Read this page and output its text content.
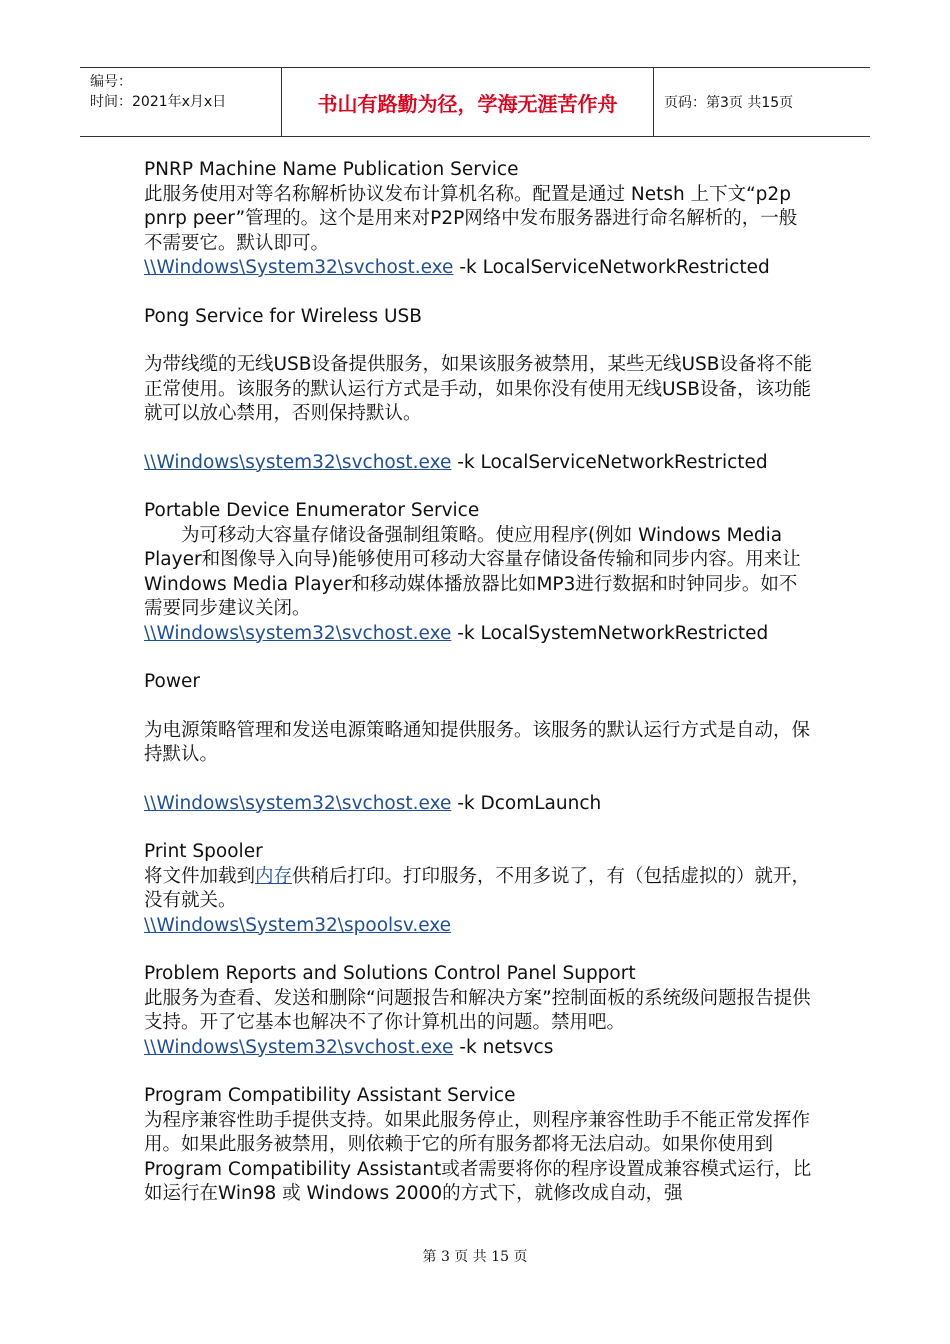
编号：
时间：2021年x月x日	书山有路勤为径，学海无涯苦作舟	页码：第3页 共15页

PNRP Machine Name Publication Service

此服务使用对等名称解析协议发布计算机名称。配置是通过 Netsh 上下文“p2p pnrp peer”管理的。这个是用来对P2P网络中发布服务器进行命名解析的，一般不需要它。默认即可。

\\Windows\System32\svchost.exe -k LocalServiceNetworkRestricted

Pong Service for Wireless USB

为带线缆的无线USB设备提供服务，如果该服务被禁用，某些无线USB设备将不能正常使用。该服务的默认运行方式是手动，如果你没有使用无线USB设备，该功能就可以放心禁用，否则保持默认。

\\Windows\system32\svchost.exe -k LocalServiceNetworkRestricted

Portable Device Enumerator Service

为可移动大容量存储设备强制组策略。使应用程序(例如 Windows Media Player和图像导入向导)能够使用可移动大容量存储设备传输和同步内容。用来让Windows Media Player和移动媒体播放器比如MP3进行数据和时钟同步。如不需要同步建议关闭。

\\Windows\system32\svchost.exe -k LocalSystemNetworkRestricted

Power

为电源策略管理和发送电源策略通知提供服务。该服务的默认运行方式是自动，保持默认。

\\Windows\system32\svchost.exe -k DcomLaunch

Print Spooler

将文件加载到内存供稍后打印。打印服务，不用多说了，有（包括虚拟的）就开，没有就关。

\\Windows\System32\spoolsv.exe

Problem Reports and Solutions Control Panel Support

此服务为查看、发送和删除“问题报告和解决方案”控制面板的系统级问题报告提供支持。开了它基本也解决不了你计算机出的问题。禁用吧。

\\Windows\System32\svchost.exe -k netsvcs

Program Compatibility Assistant Service

为程序兼容性助手提供支持。如果此服务停止，则程序兼容性助手不能正常发挥作用。如果此服务被禁用，则依赖于它的所有服务都将无法启动。如果你使用到Program Compatibility Assistant或者需要将你的程序设置成兼容模式运行，比如运行在Win98 或 Windows 2000的方式下，就修改成自动，强

第 3 页 共 15 页
